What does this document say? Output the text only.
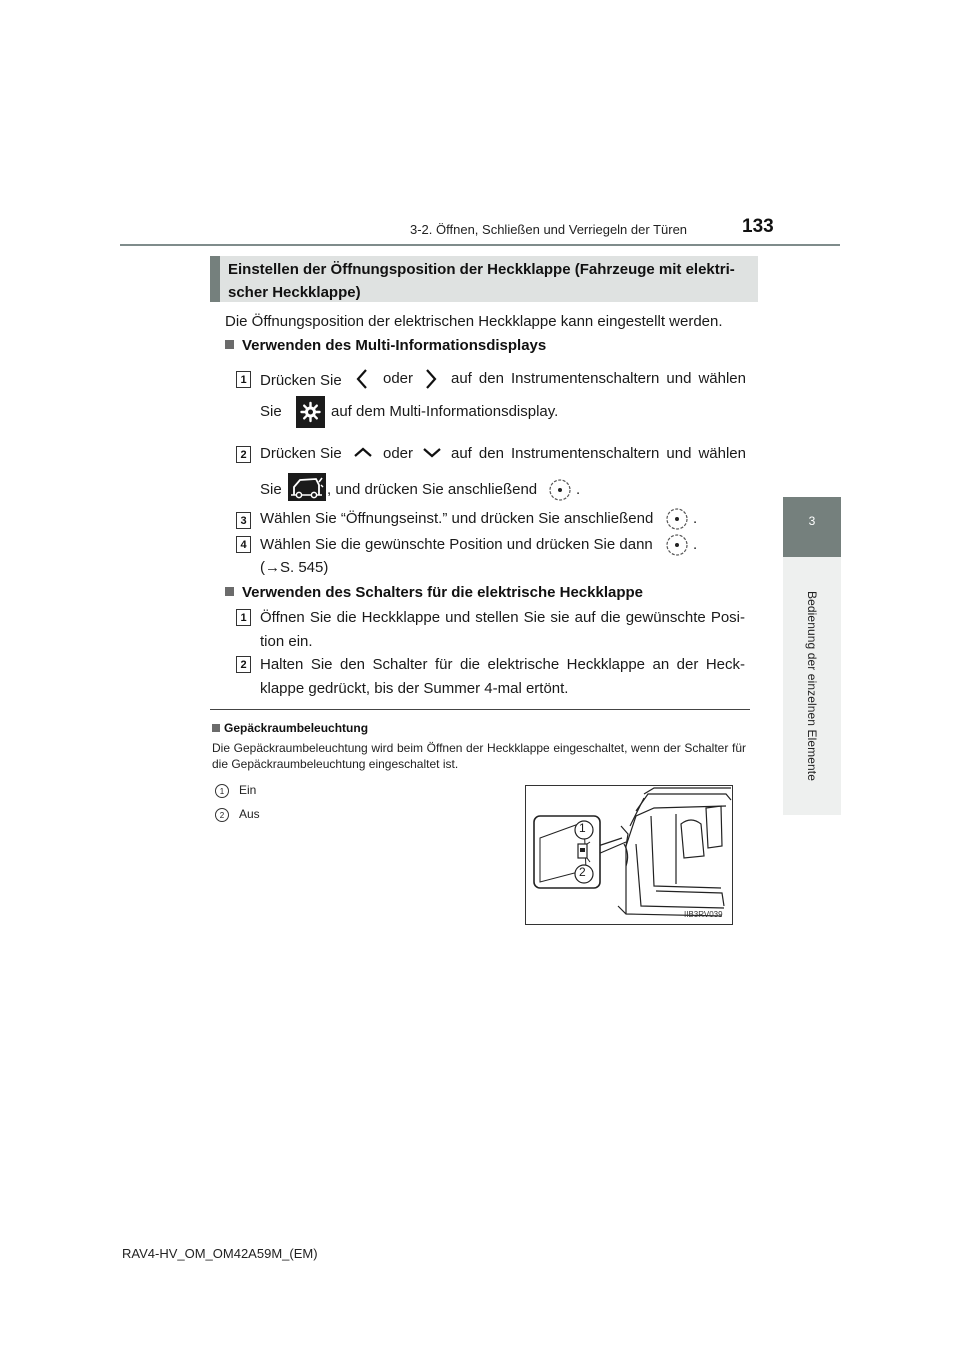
3-2. Öffnen, Schließen und Verriegeln der Türen	133
3
Bedienung der einzelnen Elemente
Einstellen der Öffnungsposition der Heckklappe (Fahrzeuge mit elektri-
scher Heckklappe)
Die Öffnungsposition der elektrischen Heckklappe kann eingestellt werden.
Verwenden des Multi-Informationsdisplays
1 Drücken Sie	oder	auf den Instrumentenschaltern und wählen
Sie	auf dem Multi-Informationsdisplay.
2 Drücken Sie	oder	auf den Instrumentenschaltern und wählen
Sie	, und drücken Sie anschließend	.
3 Wählen Sie “Öffnungseinst.” und drücken Sie anschließend	.
4 Wählen Sie die gewünschte Position und drücken Sie dann	.
(→S. 545)
Verwenden des Schalters für die elektrische Heckklappe
1 Öffnen Sie die Heckklappe und stellen Sie sie auf die gewünschte Posi-tion ein.
2 Halten Sie den Schalter für die elektrische Heckklappe an der Heck-klappe gedrückt, bis der Summer 4-mal ertönt.
Gepäckraumbeleuchtung
Die Gepäckraumbeleuchtung wird beim Öffnen der Heckklappe eingeschaltet, wenn der Schalter für die Gepäckraumbeleuchtung eingeschaltet ist.
1	Ein
2	Aus
1
2
IIB3RV039
RAV4-HV_OM_OM42A59M_(EM)
